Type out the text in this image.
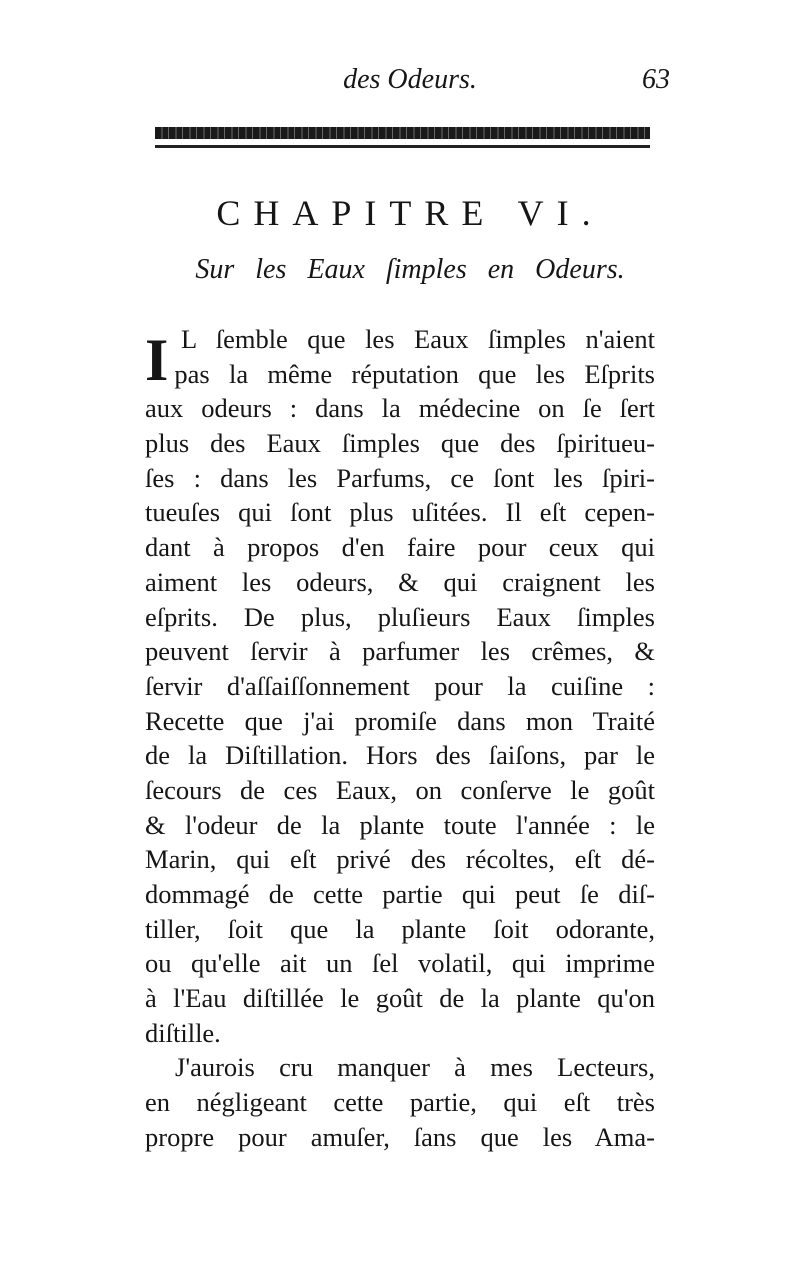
des Odeurs.	63
CHAPITRE VI.
Sur les Eaux ſimples en Odeurs.
I L ſemble que les Eaux ſimples n'aient
pas la même réputation que les Eſprits
aux odeurs : dans la médecine on ſe ſert
plus des Eaux ſimples que des ſpiritueu-
ſes : dans les Parfums, ce ſont les ſpiri-
tueuſes qui ſont plus uſitées. Il eſt cepen-
dant à propos d'en faire pour ceux qui
aiment les odeurs, & qui craignent les
eſprits. De plus, pluſieurs Eaux ſimples
peuvent ſervir à parfumer les crêmes, &
ſervir d'aſſaiſſonnement pour la cuiſine :
Recette que j'ai promiſe dans mon Traité
de la Diſtillation. Hors des ſaiſons, par le
ſecours de ces Eaux, on conſerve le goût
& l'odeur de la plante toute l'année : le
Marin, qui eſt privé des récoltes, eſt dé-
dommagé de cette partie qui peut ſe diſ-
tiller, ſoit que la plante ſoit odorante,
ou qu'elle ait un ſel volatil, qui imprime
à l'Eau diſtillée le goût de la plante qu'on
diſtille.
J'aurois cru manquer à mes Lecteurs,
en négligeant cette partie, qui eſt très
propre pour amuſer, ſans que les Ama-
